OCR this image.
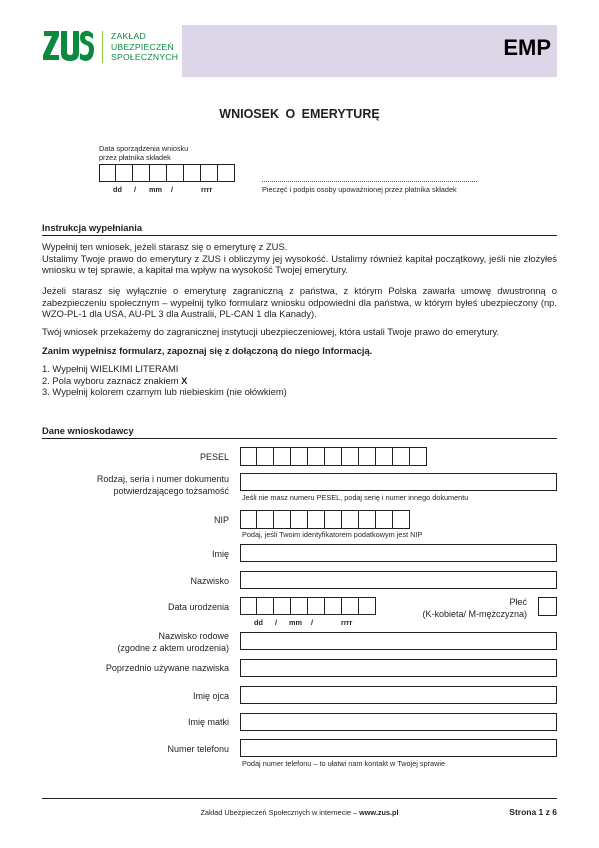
ZAKŁAD
UBEZPIECZEŃ
SPOŁECZNYCH	EMP
WNIOSEK O EMERYTURĘ
Data sporządzenia wniosku
przez płatnika składek
dd / mm /	rrrr	Pieczęć i podpis osoby upoważnionej przez płatnika składek
Instrukcja wypełniania
Wypełnij ten wniosek, jeżeli starasz się o emeryturę z ZUS.
Ustalimy Twoje prawo do emerytury z ZUS i obliczymy jej wysokość. Ustalimy również kapitał początkowy, jeśli nie złożyłeś wniosku w tej sprawie, a kapitał ma wpływ na wysokość Twojej emerytury.
Jeżeli starasz się wyłącznie o emeryturę zagraniczną z państwa, z którym Polska zawarła umowę dwustronną o zabezpieczeniu społecznym – wypełnij tylko formularz wniosku odpowiedni dla państwa, w którym byłeś ubezpieczony (np. WZO-PL-1 dla USA, AU-PL 3 dla Australii, PL-CAN 1 dla Kanady).
Twój wniosek przekażemy do zagranicznej instytucji ubezpieczeniowej, która ustali Twoje prawo do emerytury.
Zanim wypełnisz formularz, zapoznaj się z dołączoną do niego Informacją.
1. Wypełnij WIELKIMI LITERAMI
2. Pola wyboru zaznacz znakiem X
3. Wypełnij kolorem czarnym lub niebieskim (nie ołówkiem)
Dane wnioskodawcy
PESEL
Rodzaj, seria i numer dokumentu
potwierdzającego tożsamość
Jeśli nie masz numeru PESEL, podaj serię i numer innego dokumentu
NIP
Podaj, jeśli Twoim identyfikatorem podatkowym jest NIP
Imię
Nazwisko
Data urodzenia
dd / mm /	rrrr
Płeć
(K-kobieta/ M-mężczyzna)
Nazwisko rodowe
(zgodne z aktem urodzenia)
Poprzednio używane nazwiska
Imię ojca
Imię matki
Numer telefonu
Podaj numer telefonu – to ułatwi nam kontakt w Twojej sprawie
Zakład Ubezpieczeń Społecznych w internecie – www.zus.pl	Strona 1 z 6
